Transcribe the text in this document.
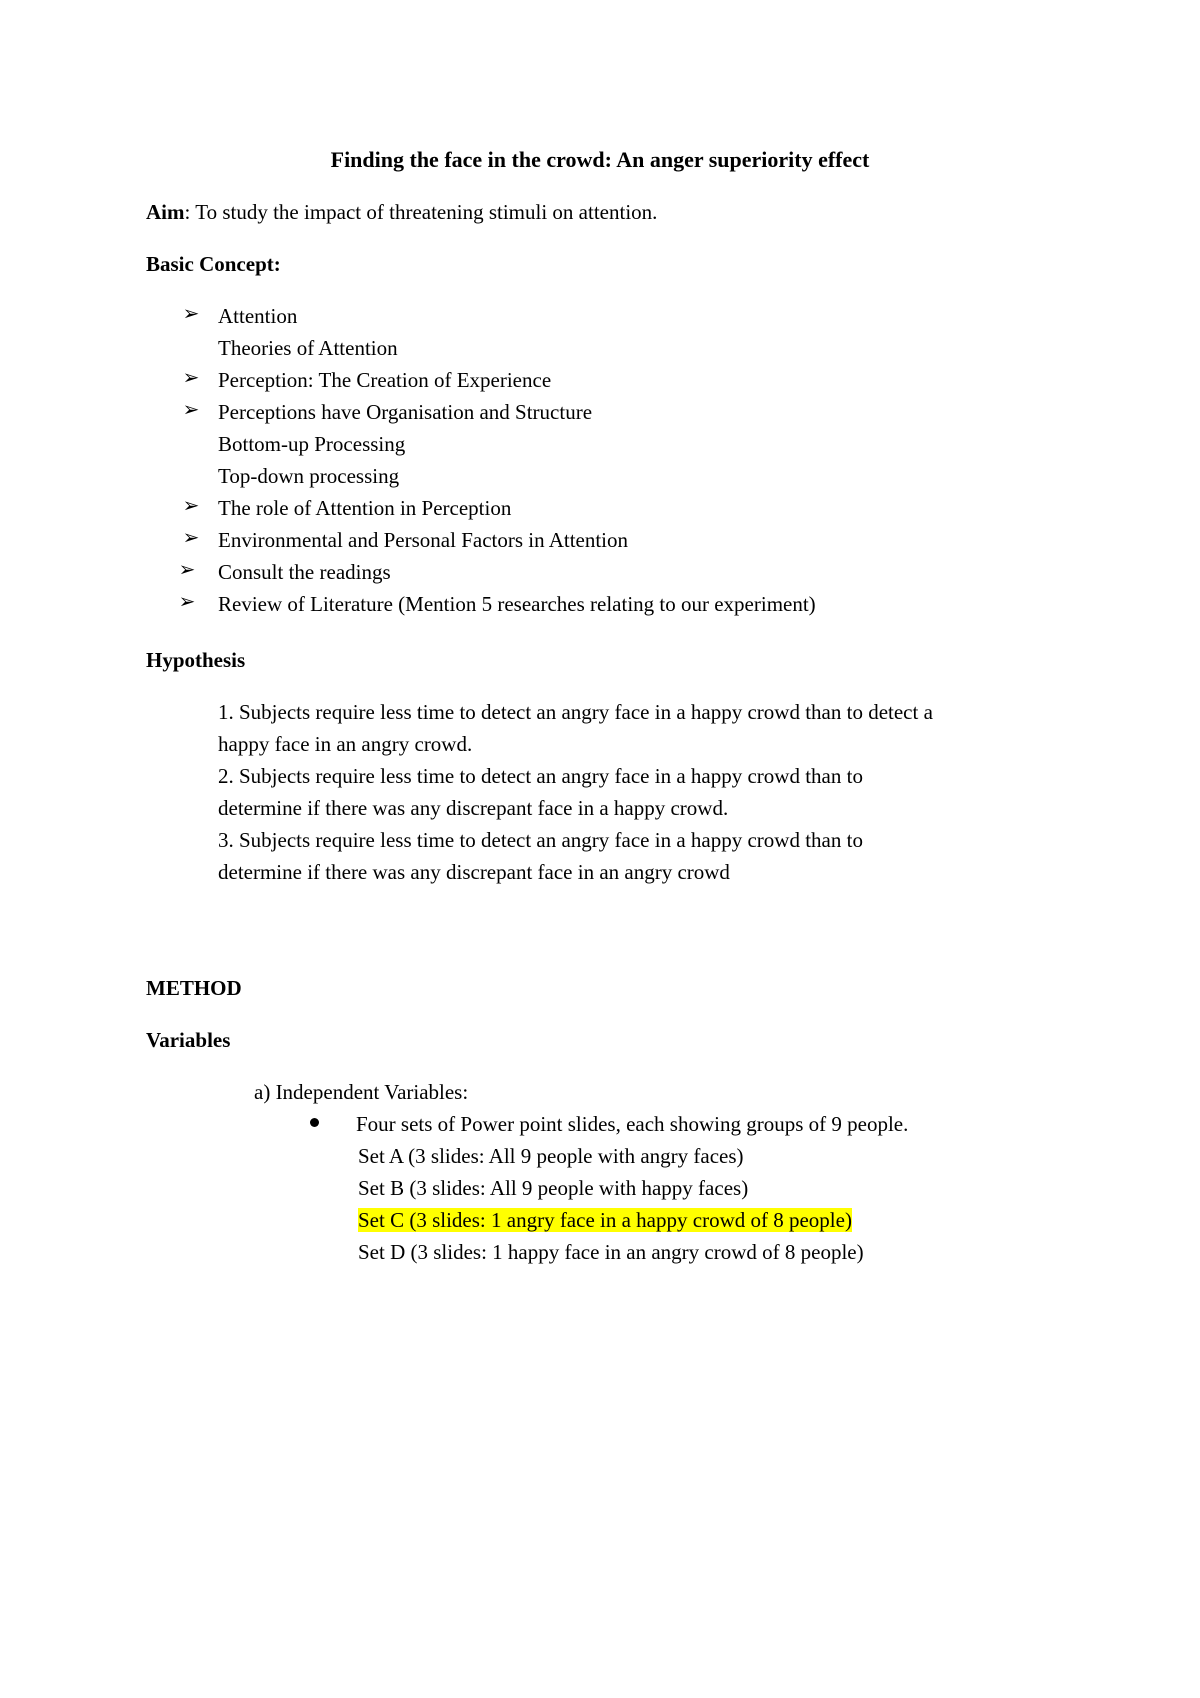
Finding the face in the crowd: An anger superiority effect
Aim: To study the impact of threatening stimuli on attention.
Basic Concept:
➢ Attention
Theories of Attention
➢ Perception: The Creation of Experience
➢ Perceptions have Organisation and Structure
Bottom-up Processing
Top-down processing
➢ The role of Attention in Perception
➢ Environmental and Personal Factors in Attention
➢ Consult the readings
➢ Review of Literature (Mention 5 researches relating to our experiment)
Hypothesis
1. Subjects require less time to detect an angry face in a happy crowd than to detect a
happy face in an angry crowd.
2. Subjects require less time to detect an angry face in a happy crowd than to
determine if there was any discrepant face in a happy crowd.
3. Subjects require less time to detect an angry face in a happy crowd than to
determine if there was any discrepant face in an angry crowd
METHOD
Variables
a) Independent Variables:
Four sets of Power point slides, each showing groups of 9 people.
Set A (3 slides: All 9 people with angry faces)
Set B (3 slides: All 9 people with happy faces)
Set C (3 slides: 1 angry face in a happy crowd of 8 people)
Set D (3 slides: 1 happy face in an angry crowd of 8 people)
